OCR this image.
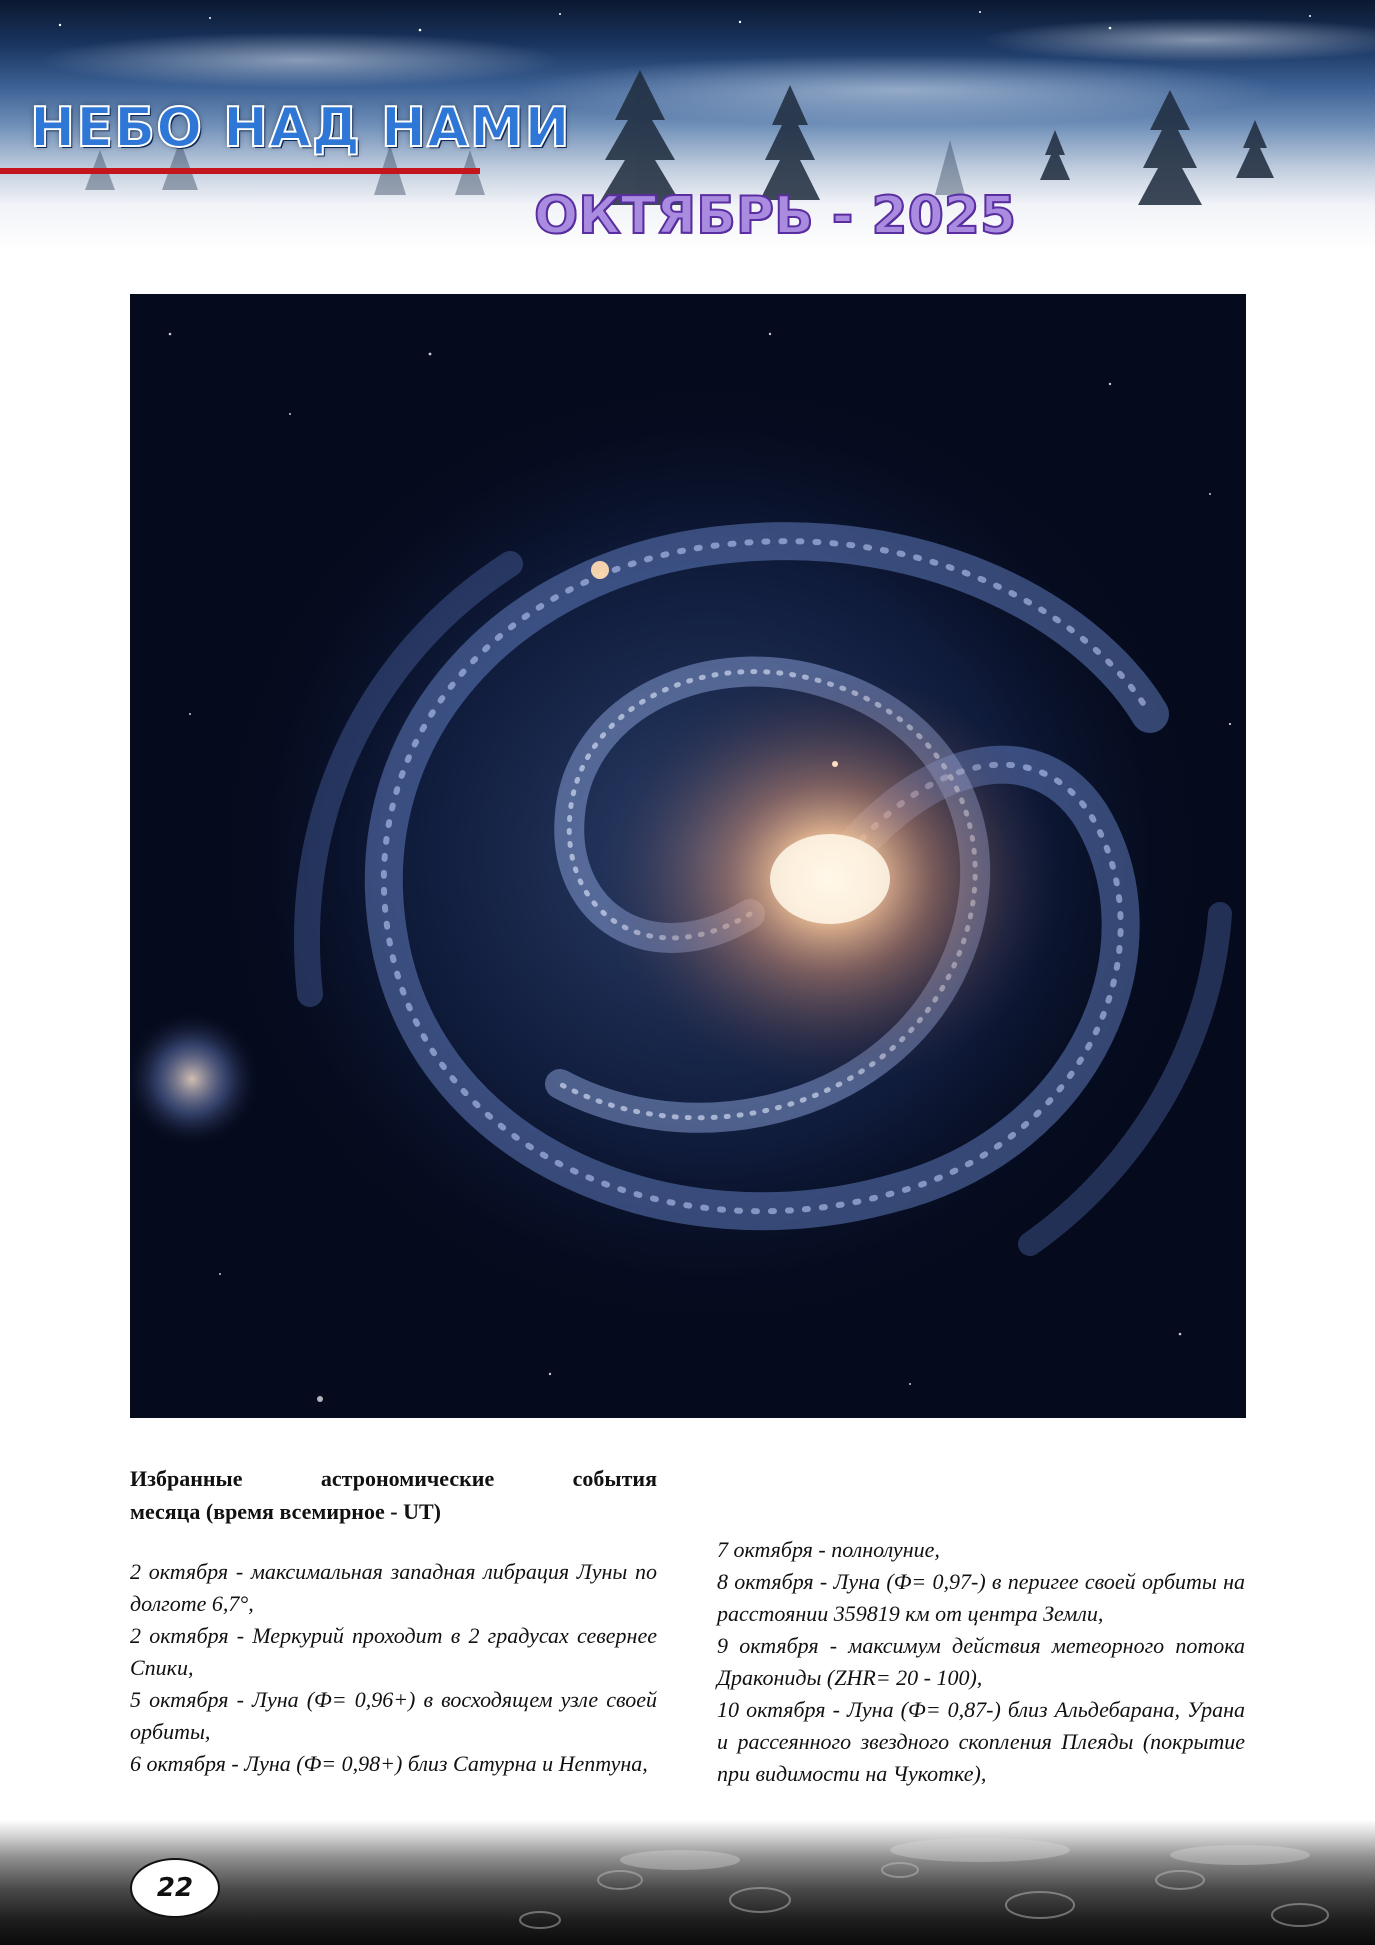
НЕБО НАД НАМИ
ОКТЯБРЬ - 2025
Избранные	астрономические	события
месяца (время всемирное - UT)

2 октября - максимальная западная либрация Луны по долготе 6,7°,

2 октября - Меркурий проходит в 2 градусах севернее Спики,

5 октября - Луна (Ф= 0,96+) в восходящем узле своей орбиты,

6 октября - Луна (Ф= 0,98+) близ Сатурна и Нептуна,

7 октября - полнолуние,

8 октября - Луна (Ф= 0,97-) в перигее своей орбиты на расстоянии 359819 км от центра Земли,

9 октября - максимум действия метеорного потока Дракониды (ZHR= 20 - 100),

10 октября - Луна (Ф= 0,87-) близ Альдебарана, Урана и рассеянного звездного скопления Плеяды (покрытие при видимости на Чукотке),

22
